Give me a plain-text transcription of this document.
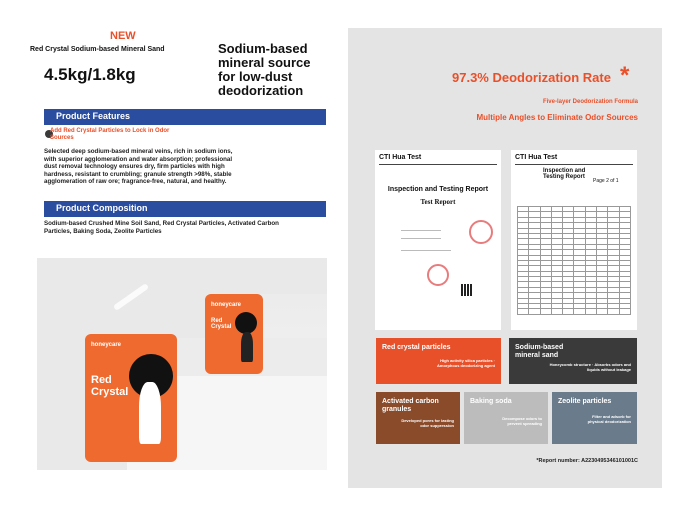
NEW
Red Crystal Sodium-based Mineral Sand
4.5kg/1.8kg
Sodium-based mineral source for low-dust deodorization
Product Features
Add Red Crystal Particles to Lock in Odor Sources
Selected deep sodium-based mineral veins, rich in sodium ions, with superior agglomeration and water absorption; professional dust removal technology ensures dry, firm particles with high hardness, resistant to crumbling; granule strength >98%, stable agglomeration of raw ore; fragrance-free, natural, and healthy.
Product Composition
Sodium-based Crushed Mine Soil Sand, Red Crystal Particles, Activated Carbon Particles, Baking Soda, Zeolite Particles
honeycare
Red Crystal
honeycare
Red Crystal
97.3% Deodorization Rate *
Five-layer Deodorization Formula
Multiple Angles to Eliminate Odor Sources
CTI Hua Test
Inspection and Testing Report
Test Report
CTI Hua Test
Inspection and Testing Report
Page 2 of 1

Red crystal particles
High activity silica particles · Amorphous deodorizing agent
Sodium-based mineral sand
Honeycomb structure · Absorbs odors and liquids without leakage
Activated carbon granules
Developed pores for lasting odor suppression
Baking soda
Decompose odors to prevent spreading
Zeolite particles
Filter and adsorb for physical deodorization
*Report number: A2230495346101001C
